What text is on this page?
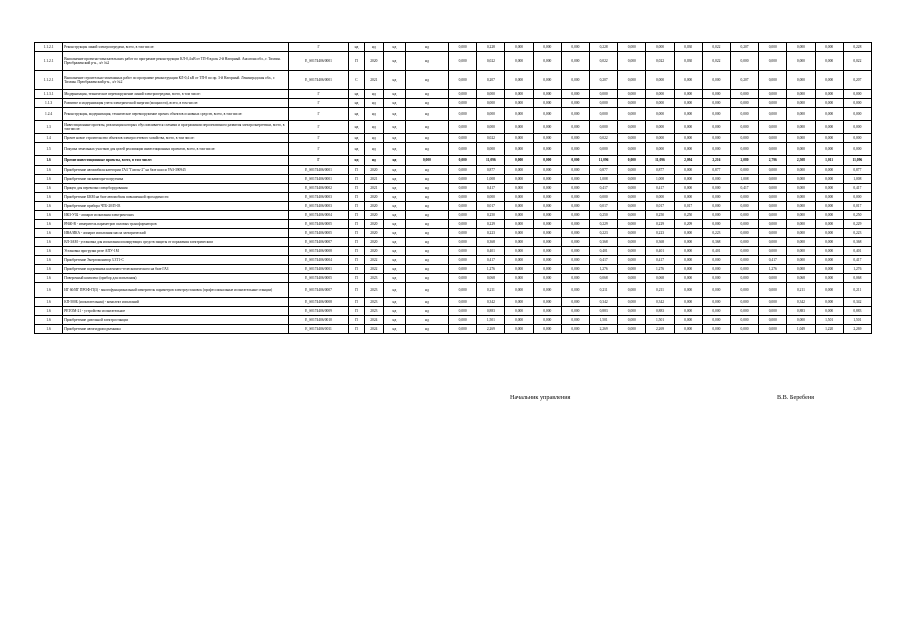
1.1.2.1	Реконструкция линий электропередачи, всего, в том числе:	Г	нд	нд	нд	нд	0,000	0,228	0,000	0,000	0,000	0,228	0,000	0,000	0,030	0,022	0,207	0,000	0,000	0,000	0,228
1.1.2.1	Выполнение проектно-изыскательских работ по программе реконструкции КЛ-0,4 кВ от ТП-8 вдоль 2-й Нагорный. Ансагона обл., г. Тихвин. Преображенский р-н., л/г №2	E_S0174406/0001	П	2020	нд	нд	0,000	0,022	0,000	0,000	0,000	0,022	0,000	0,022	0,030	0,022	0,000	0,000	0,000	0,000	0,022
1.1.2.1	Выполнение строительно-монтажных работ по программе реконструкции КЛ-0,4 кВ от ТП-8 по пр. 3-й Нагорный. Ленинградская обл., г. Тихвин. Преображенский р-н., л/г №2	E_S0174406/0001	С	2021	нд	нд	0,000	0,207	0,000	0,000	0,000	0,207	0,000	0,000	0,000	0,000	0,207	0,000	0,000	0,000	0,207
1.1.3.1	Модернизация, техническое перевооружение линий электропередачи, всего, в том числе:	Г	нд	нд	нд	нд	0,000	0,000	0,000	0,000	0,000	0,000	0,000	0,000	0,000	0,000	0,000	0,000	0,000	0,000	0,000
1.1.3	Развитие и модернизация учета электрической энергии (мощности), всего, в том числе:	Г	нд	нд	нд	нд	0,000	0,000	0,000	0,000	0,000	0,000	0,000	0,000	0,000	0,000	0,000	0,000	0,000	0,000	0,000
1.2.4	Реконструкция, модернизация, техническое перевооружение прочих объектов основных средств, всего, в том числе:	Г	нд	нд	нд	нд	0,000	0,000	0,000	0,000	0,000	0,000	0,000	0,000	0,000	0,000	0,000	0,000	0,000	0,000	0,000
1.3	Инвестиционные проекты, реализация которых обусловливается схемами и программами перспективного развития электроэнергетики, всего, в том числе:	Г	нд	нд	нд	нд	0,000	0,000	0,000	0,000	0,000	0,000	0,000	0,000	0,000	0,000	0,000	0,000	0,000	0,000	0,000
1.4	Прочее новое строительство объектов электросетевого хозяйства, всего, в том числе:	Г	нд	нд	нд	нд	0,000	0,022	0,000	0,000	0,000	0,022	0,000	0,000	0,000	0,000	0,000	0,000	0,000	0,000	0,000
1.5	Покупка земельных участков для целей реализации инвестиционных проектов, всего, в том числе:	Г	нд	нд	нд	нд	0,000	0,000	0,000	0,000	0,000	0,000	0,000	0,000	0,000	0,000	0,000	0,000	0,000	0,000	0,000
1.6	Прочие инвестиционные проекты, всего, в том числе:	Г	нд	нд	нд	0,000	0,000	11,096	0,000	0,000	0,000	11,096	0,000	11,096	2,094	2,216	2,080	2,796	2,508	1,011	11,096
1.6	Приобретение автомобиля категории ГАЗ "Газель-2" на базе шасси УАЗ-390945	E_S0174406/0001	П	2020	нд	нд	0,000	0,877	0,000	0,000	0,000	0,877	0,000	0,877	0,000	0,877	0,000	0,000	0,000	0,000	0,877
1.6	Приобретение экскаватора-погрузчика	E_S0174406/0001	П	2021	нд	нд	0,000	1,008	0,000	0,000	0,000	1,008	0,000	1,008	0,000	0,000	1,008	0,000	0,000	0,000	1,008
1.6	Прицеп для перевозки спецоборудования	E_S0174406/0002	П	2021	нд	нд	0,000	0,417	0,000	0,000	0,000	0,417	0,000	0,417	0,000	0,000	0,417	0,000	0,000	0,000	0,417
1.6	Приобретение БКМ на базе автомобиля повышенной проходимости	E_S0174406/0003	П	2020	нд	нд	0,000	0,000	0,000	0,000	0,000	0,000	0,000	0,000	0,000	0,000	0,000	0,000	0,000	0,000	0,000
1.6	Приобретение прибора ЧТБ-20/П-03	E_S0174406/0003	П	2020	нд	нд	0,000	0,017	0,000	0,000	0,000	0,017	0,000	0,017	0,017	0,000	0,000	0,000	0,000	0,000	0,017
1.6	ИКЗ-У02 - аппарат испытания электрических	E_S0174406/0004	П	2020	нд	нд	0,000	0,250	0,000	0,000	0,000	0,250	0,000	0,250	0,250	0,000	0,000	0,000	0,000	0,000	0,250
1.6	ВЧ40-В - измеритель параметров силовых трансформаторов	E_S0174406/0005	П	2020	нд	нд	0,000	0,229	0,000	0,000	0,000	0,229	0,000	0,229	0,209	0,000	0,000	0,000	0,000	0,000	0,229
1.6	ИВА/ИКА - аппарат испытания масла электрический	E_S0174406/0005	П	2020	нд	нд	0,000	0,223	0,000	0,000	0,000	0,223	0,000	0,223	0,000	0,223	0,000	0,000	0,000	0,000	0,223
1.6	ВЛ-ЗАМ - установка для испытания изолирующих средств защиты от поражения электрическим	E_S0174406/0007	П	2020	нд	нд	0,000	0,368	0,000	0,000	0,000	0,368	0,000	0,368	0,000	0,368	0,000	0,000	0,000	0,000	0,368
1.6	Установка прогрузки реле АПУ-1М	E_S0174406/0008	П	2020	нд	нд	0,000	0,401	0,000	0,000	0,000	0,401	0,000	0,401	0,000	0,401	0,000	0,000	0,000	0,000	0,401
1.6	Приобретение Энергомонитор 3.3Т1-С	E_S0174406/0004	П	2022	нд	нд	0,000	0,417	0,000	0,000	0,000	0,417	0,000	0,417	0,000	0,000	0,000	0,417	0,000	0,000	0,417
1.6	Приобретение подъемника коленчато-телескопического на базе ГАЗ	E_S0174406/0001	П	2022	нд	нд	0,000	1,276	0,000	0,000	0,000	1,276	0,000	1,276	0,000	0,000	0,000	1,276	0,000	0,000	1,276
1.6	Поверочный комплекс (прибор для испытания)	E_S0174406/0005	П	2023	нд	нд	0,000	0,068	0,000	0,000	0,000	0,068	0,000	0,068	0,000	0,000	0,000	0,000	0,068	0,000	0,068
1.6	ИГ 60/ИГ ПРОФ-П(3) - многофункциональный измеритель параметров электроустановок (профессиональные испытательные станции)	E_S0174406/0007	П	2023	нд	нд	0,000	0,211	0,000	0,000	0,000	0,211	0,000	0,211	0,000	0,000	0,000	0,000	0,211	0,000	0,211
1.6	КП-500Б (испытательная) - комплект испытаний	E_S0174406/0008	П	2023	нд	нд	0,000	0,342	0,000	0,000	0,000	0,342	0,000	0,342	0,000	0,000	0,000	0,000	0,342	0,000	0,342
1.6	РЕТОМ-21 - устройство испытательное	E_S0174406/0009	П	2023	нд	нд	0,000	0,883	0,000	0,000	0,000	0,883	0,000	0,883	0,000	0,000	0,000	0,000	0,883	0,000	0,883
1.6	Приобретение дизельной электростанции	E_S0174406/0010	П	2024	нд	нд	0,000	1,501	0,000	0,000	0,000	1,501	0,000	1,501	0,000	0,000	0,000	0,000	0,000	1,501	1,501
1.6	Приобретение автогидроподъемника	E_S0174406/0011	П	2024	нд	нд	0,000	2,269	0,000	0,000	0,000	2,269	0,000	2,269	0,000	0,000	0,000	0,000	1,049	1,220	2,269
Начальник управления	В.В. Берeбеня
